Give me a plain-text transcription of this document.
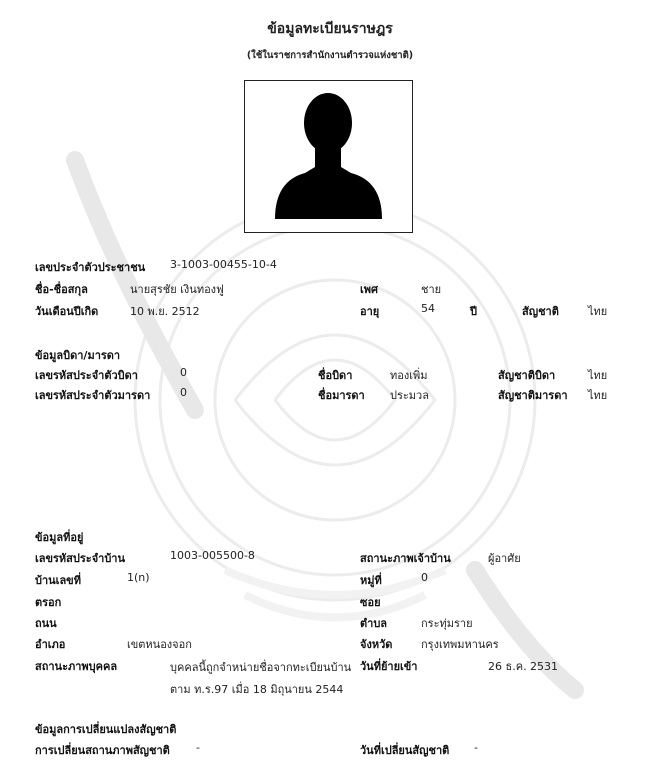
ข้อมูลทะเบียนราษฎร
(ใช้ในราชการสำนักงานตำรวจแห่งชาติ)
เลขประจำตัวประชาชน 3-1003-00455-10-4
ชื่อ-ชื่อสกุล	นายสุรชัย เงินทองฟู	เพศ	ชาย
วันเดือนปีเกิด	10 พ.ย. 2512	อายุ	54	ปี	สัญชาติ	ไทย
ข้อมูลบิดา/มารดา
เลขรหัสประจำตัวบิดา	0	ชื่อบิดา	ทองเพิ่ม	สัญชาติบิดา	ไทย
เลขรหัสประจำตัวมารดา	0	ชื่อมารดา ประมวล	สัญชาติมารดา ไทย
ข้อมูลที่อยู่
เลขรหัสประจำบ้าน	1003-005500-8	สถานะภาพเจ้าบ้าน	ผู้อาศัย
บ้านเลขที่	1(n)	หมู่ที่	0
ตรอก	ซอย
ถนน	ตำบล	กระทุ่มราย
อำเภอ	เขตหนองจอก	จังหวัด	กรุงเทพมหานคร
สถานะภาพบุคคล	บุคคลนี้ถูกจำหน่ายชื่อจากทะเบียนบ้านตาม ท.ร.97 เมื่อ 18 มิถุนายน 2544
วันที่ย้ายเข้า	26 ธ.ค. 2531
ข้อมูลการเปลี่ยนแปลงสัญชาติ
การเปลี่ยนสถานภาพสัญชาติ -	วันที่เปลี่ยนสัญชาติ -
